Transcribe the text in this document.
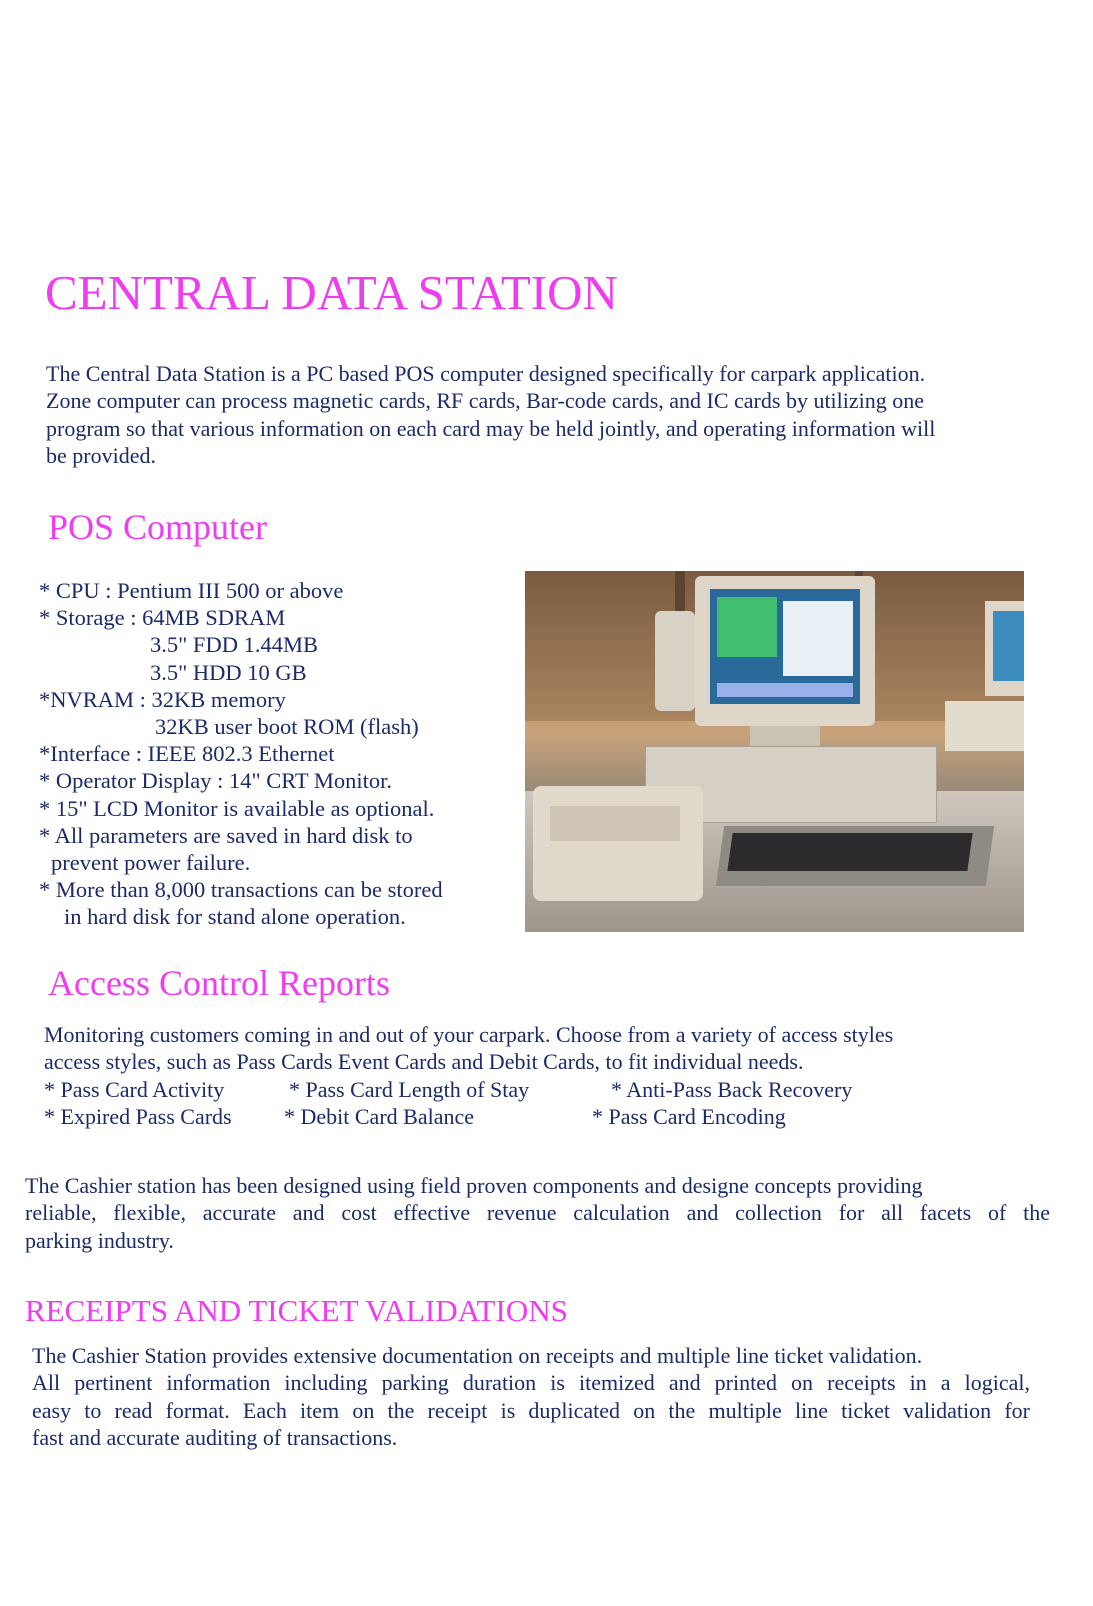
CENTRAL DATA STATION
The Central Data Station is a PC based POS computer designed specifically for carpark application.
Zone computer can process magnetic cards, RF cards, Bar-code cards, and IC cards by utilizing one
program so that various information on each card may be held jointly, and operating information will
be provided.
POS Computer
* CPU : Pentium III 500 or above
* Storage : 64MB SDRAM
3.5" FDD 1.44MB
3.5" HDD 10 GB
*NVRAM : 32KB memory
32KB user boot ROM (flash)
*Interface : IEEE 802.3 Ethernet
* Operator Display : 14" CRT Monitor.
* 15" LCD Monitor is available as optional.
* All parameters are saved in hard disk to
prevent power failure.
* More than 8,000 transactions can be stored
in hard disk for stand alone operation.
Access Control Reports
Monitoring customers coming in and out of your carpark. Choose from a variety of access styles
access styles, such as Pass Cards Event Cards and Debit Cards, to fit individual needs.
* Pass Card Activity	* Pass Card Length of Stay	* Anti-Pass Back Recovery
* Expired Pass Cards * Debit Card Balance	* Pass Card Encoding
The Cashier station has been designed using field proven components and designe concepts providing
reliable, flexible, accurate and cost effective revenue calculation and collection for all facets of the
parking industry.
RECEIPTS AND TICKET VALIDATIONS
The Cashier Station provides extensive documentation on receipts and multiple line ticket validation.
All pertinent information including parking duration is itemized and printed on receipts in a logical,
easy to read format. Each item on the receipt is duplicated on the multiple line ticket validation for
fast and accurate auditing of transactions.
